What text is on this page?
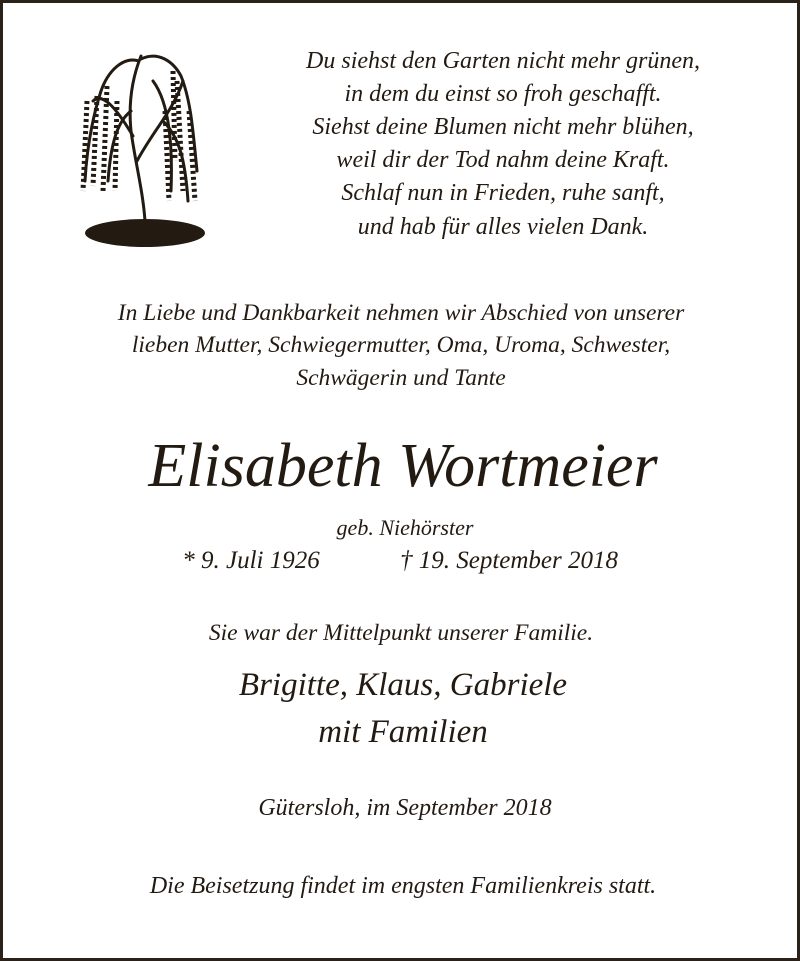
Du siehst den Garten nicht mehr grünen,
in dem du einst so froh geschafft.
Siehst deine Blumen nicht mehr blühen,
weil dir der Tod nahm deine Kraft.
Schlaf nun in Frieden, ruhe sanft,
und hab für alles vielen Dank.
In Liebe und Dankbarkeit nehmen wir Abschied von unserer
lieben Mutter, Schwiegermutter, Oma, Uroma, Schwester,
Schwägerin und Tante
Elisabeth Wortmeier
geb. Niehörster
* 9. Juli 1926	† 19. September 2018
Sie war der Mittelpunkt unserer Familie.
Brigitte, Klaus, Gabriele
mit Familien
Gütersloh, im September 2018
Die Beisetzung findet im engsten Familienkreis statt.
